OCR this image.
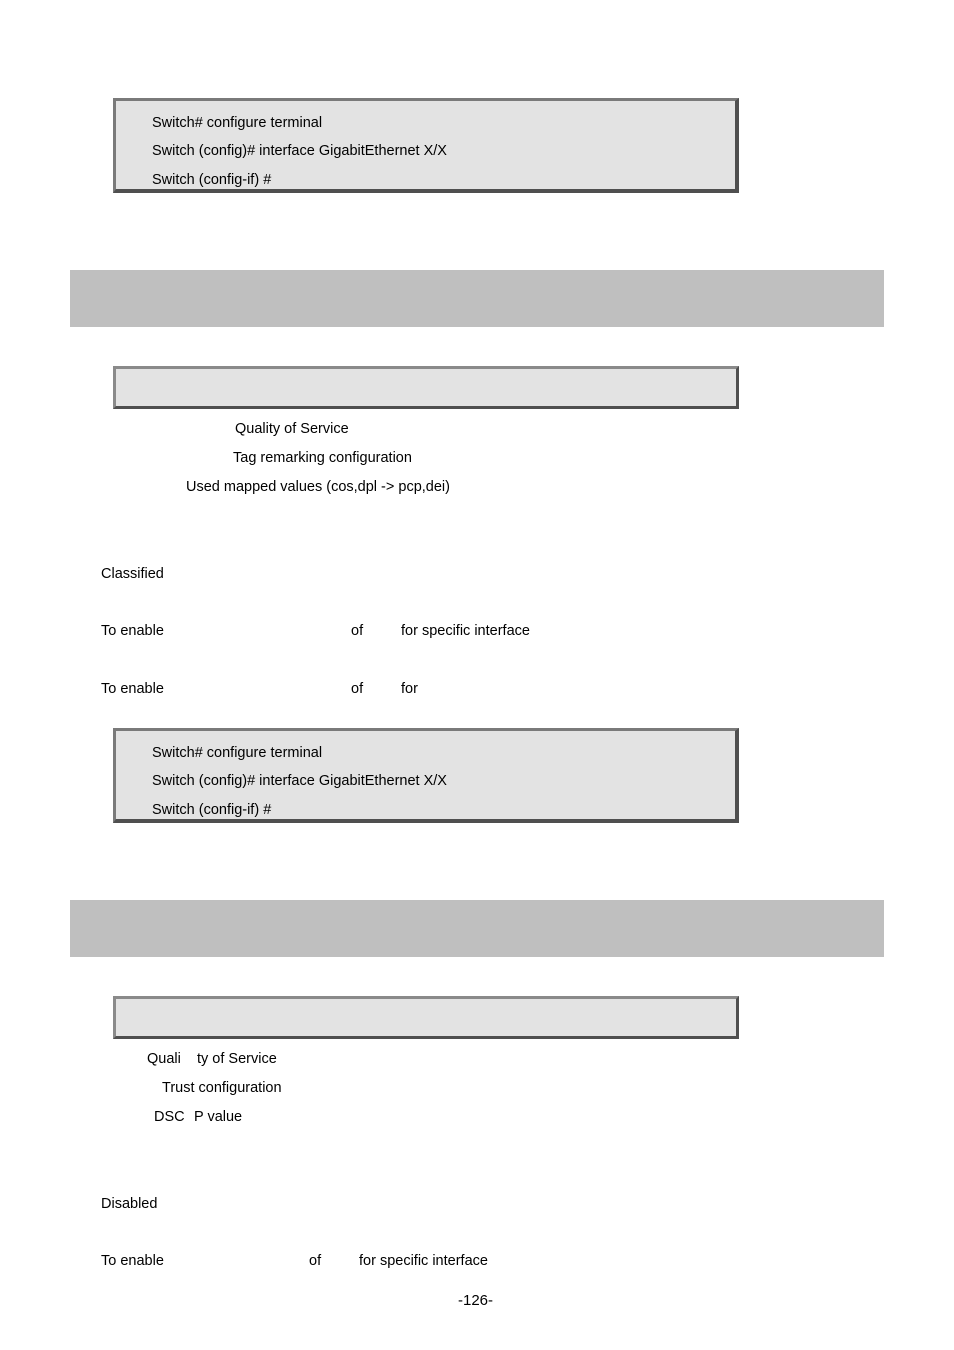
Switch# configure terminal
Switch (config)# interface GigabitEthernet X/X
Switch (config-if) #
Quality of Service
Tag remarking configuration
Used mapped values (cos,dpl -> pcp,dei)
Classified
To enable	of	for specific interface
To enable	of	for
Switch# configure terminal
Switch (config)# interface GigabitEthernet X/X
Switch (config-if) #
Quali ty of Service
Trust configuration
DSC P value
Disabled
To enable	of	for specific interface
-126-
